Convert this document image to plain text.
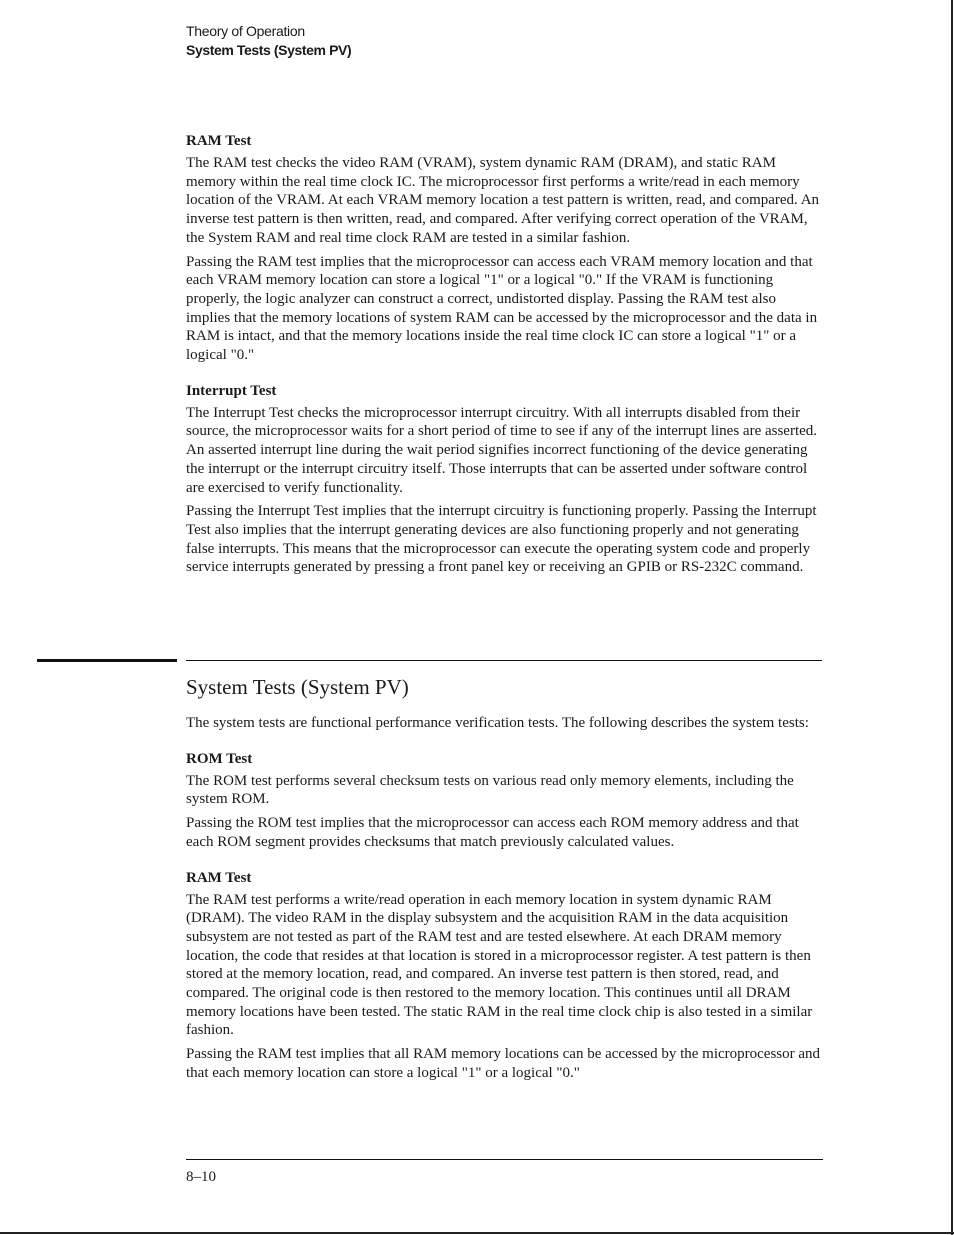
Theory of Operation
System Tests (System PV)
RAM Test

The RAM test checks the video RAM (VRAM), system dynamic RAM (DRAM), and static RAM memory within the real time clock IC. The microprocessor first performs a write/read in each memory location of the VRAM. At each VRAM memory location a test pattern is written, read, and compared. An inverse test pattern is then written, read, and compared. After verifying correct operation of the VRAM, the System RAM and real time clock RAM are tested in a similar fashion.

Passing the RAM test implies that the microprocessor can access each VRAM memory location and that each VRAM memory location can store a logical "1" or a logical "0." If the VRAM is functioning properly, the logic analyzer can construct a correct, undistorted display. Passing the RAM test also implies that the memory locations of system RAM can be accessed by the microprocessor and the data in RAM is intact, and that the memory locations inside the real time clock IC can store a logical "1" or a logical "0."

Interrupt Test

The Interrupt Test checks the microprocessor interrupt circuitry. With all interrupts disabled from their source, the microprocessor waits for a short period of time to see if any of the interrupt lines are asserted. An asserted interrupt line during the wait period signifies incorrect functioning of the device generating the interrupt or the interrupt circuitry itself. Those interrupts that can be asserted under software control are exercised to verify functionality.

Passing the Interrupt Test implies that the interrupt circuitry is functioning properly. Passing the Interrupt Test also implies that the interrupt generating devices are also functioning properly and not generating false interrupts. This means that the microprocessor can execute the operating system code and properly service interrupts generated by pressing a front panel key or receiving an GPIB or RS-232C command.

System Tests (System PV)

The system tests are functional performance verification tests. The following describes the system tests:

ROM Test

The ROM test performs several checksum tests on various read only memory elements, including the system ROM.

Passing the ROM test implies that the microprocessor can access each ROM memory address and that each ROM segment provides checksums that match previously calculated values.

RAM Test

The RAM test performs a write/read operation in each memory location in system dynamic RAM (DRAM). The video RAM in the display subsystem and the acquisition RAM in the data acquisition subsystem are not tested as part of the RAM test and are tested elsewhere. At each DRAM memory location, the code that resides at that location is stored in a microprocessor register. A test pattern is then stored at the memory location, read, and compared. An inverse test pattern is then stored, read, and compared. The original code is then restored to the memory location. This continues until all DRAM memory locations have been tested. The static RAM in the real time clock chip is also tested in a similar fashion.

Passing the RAM test implies that all RAM memory locations can be accessed by the microprocessor and that each memory location can store a logical "1" or a logical "0."

8–10
